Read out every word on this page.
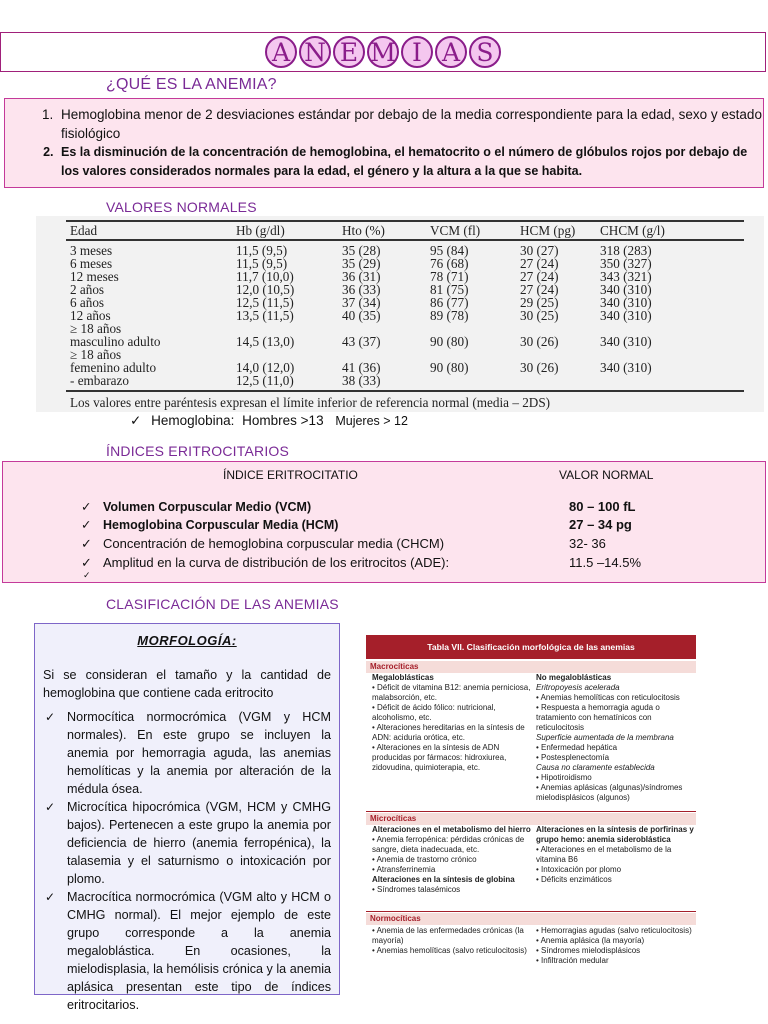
A N E M I A S
¿QUÉ ES LA ANEMIA?
1. Hemoglobina menor de 2 desviaciones estándar por debajo de la media correspondiente para la edad, sexo y estado fisiológico
2. Es la disminución de la concentración de hemoglobina, el hematocrito o el número de glóbulos rojos por debajo de los valores considerados normales para la edad, el género y la altura a la que se habita.
VALORES NORMALES
Edad	Hb (g/dl)	Hto (%)	VCM (fl)	HCM (pg) CHCM (g/l)
3 meses	11,5 (9,5)	35 (28)	95 (84)	30 (27)	318 (283)
6 meses	11,5 (9,5)	35 (29)	76 (68)	27 (24)	350 (327)
12 meses	11,7 (10,0)	36 (31)	78 (71)	27 (24)	343 (321)
2 años	12,0 (10,5)	36 (33)	81 (75)	27 (24)	340 (310)
6 años	12,5 (11,5)	37 (34)	86 (77)	29 (25)	340 (310)
12 años	13,5 (11,5)	40 (35)	89 (78)	30 (25)	340 (310)
≥ 18 años
masculino adulto	14,5 (13,0)	43 (37)	90 (80)	30 (26)	340 (310)
≥ 18 años
femenino adulto	14,0 (12,0)	41 (36)	90 (80)	30 (26)	340 (310)
- embarazo	12,5 (11,0)	38 (33)
Los valores entre paréntesis expresan el límite inferior de referencia normal (media – 2DS)
✓ Hemoglobina: Hombres >13 Mujeres > 12
ÍNDICES ERITROCITARIOS
ÍNDICE ERITROCITATIO	VALOR NORMAL
✓ Volumen Corpuscular Medio (VCM)	80 – 100 fL
✓ Hemoglobina Corpuscular Media (HCM)	27 – 34 pg
✓ Concentración de hemoglobina corpuscular media (CHCM)	32- 36
✓ Amplitud en la curva de distribución de los eritrocitos (ADE):	11.5 –14.5%
✓
CLASIFICACIÓN DE LAS ANEMIAS
MORFOLOGÍA:

Si se consideran el tamaño y la cantidad de hemoglobina que contiene cada eritrocito

✓ Normocítica normocrómica (VGM y HCM normales). En este grupo se incluyen la anemia por hemorragia aguda, las anemias hemolíticas y la anemia por alteración de la médula ósea.
✓ Microcítica hipocrómica (VGM, HCM y CMHG bajos). Pertenecen a este grupo la anemia por deficiencia de hierro (anemia ferropénica), la talasemia y el saturnismo o intoxicación por plomo.
✓ Macrocítica normocrómica (VGM alto y HCM o CMHG normal). El mejor ejemplo de este grupo corresponde a la anemia megaloblástica. En ocasiones, la mielodisplasia, la hemólisis crónica y la anemia aplásica presentan este tipo de índices eritrocitarios.
Tabla VII. Clasificación morfológica de las anemias
Macrocíticas
Megaloblásticas
• Déficit de vitamina B12: anemia perniciosa, malabsorción, etc.
• Déficit de ácido fólico: nutricional, alcoholismo, etc.
• Alteraciones hereditarias en la síntesis de ADN: aciduria orótica, etc.
• Alteraciones en la síntesis de ADN producidas por fármacos: hidroxiurea, zidovudina, quimioterapia, etc.
No megaloblásticas
Eritropoyesis acelerada
• Anemias hemolíticas con reticulocitosis
• Respuesta a hemorragia aguda o tratamiento con hematínicos con reticulocitosis
Superficie aumentada de la membrana
• Enfermedad hepática
• Postesplenectomía
Causa no claramente establecida
• Hipotiroidismo
• Anemias aplásicas (algunas)/síndromes mielodisplásicos (algunos)
Microcíticas
Alteraciones en el metabolismo del hierro
• Anemia ferropénica: pérdidas crónicas de sangre, dieta inadecuada, etc.
• Anemia de trastorno crónico
• Atransferrinemia
Alteraciones en la síntesis de globina
• Síndromes talasémicos
Alteraciones en la síntesis de porfirinas y grupo hemo: anemia sideroblástica
• Alteraciones en el metabolismo de la vitamina B6
• Intoxicación por plomo
• Déficits enzimáticos
Normocíticas
• Anemia de las enfermedades crónicas (la mayoría)
• Anemias hemolíticas (salvo reticulocitosis)
• Hemorragias agudas (salvo reticulocitosis)
• Anemia aplásica (la mayoría)
• Síndromes mielodisplásicos
• Infiltración medular
